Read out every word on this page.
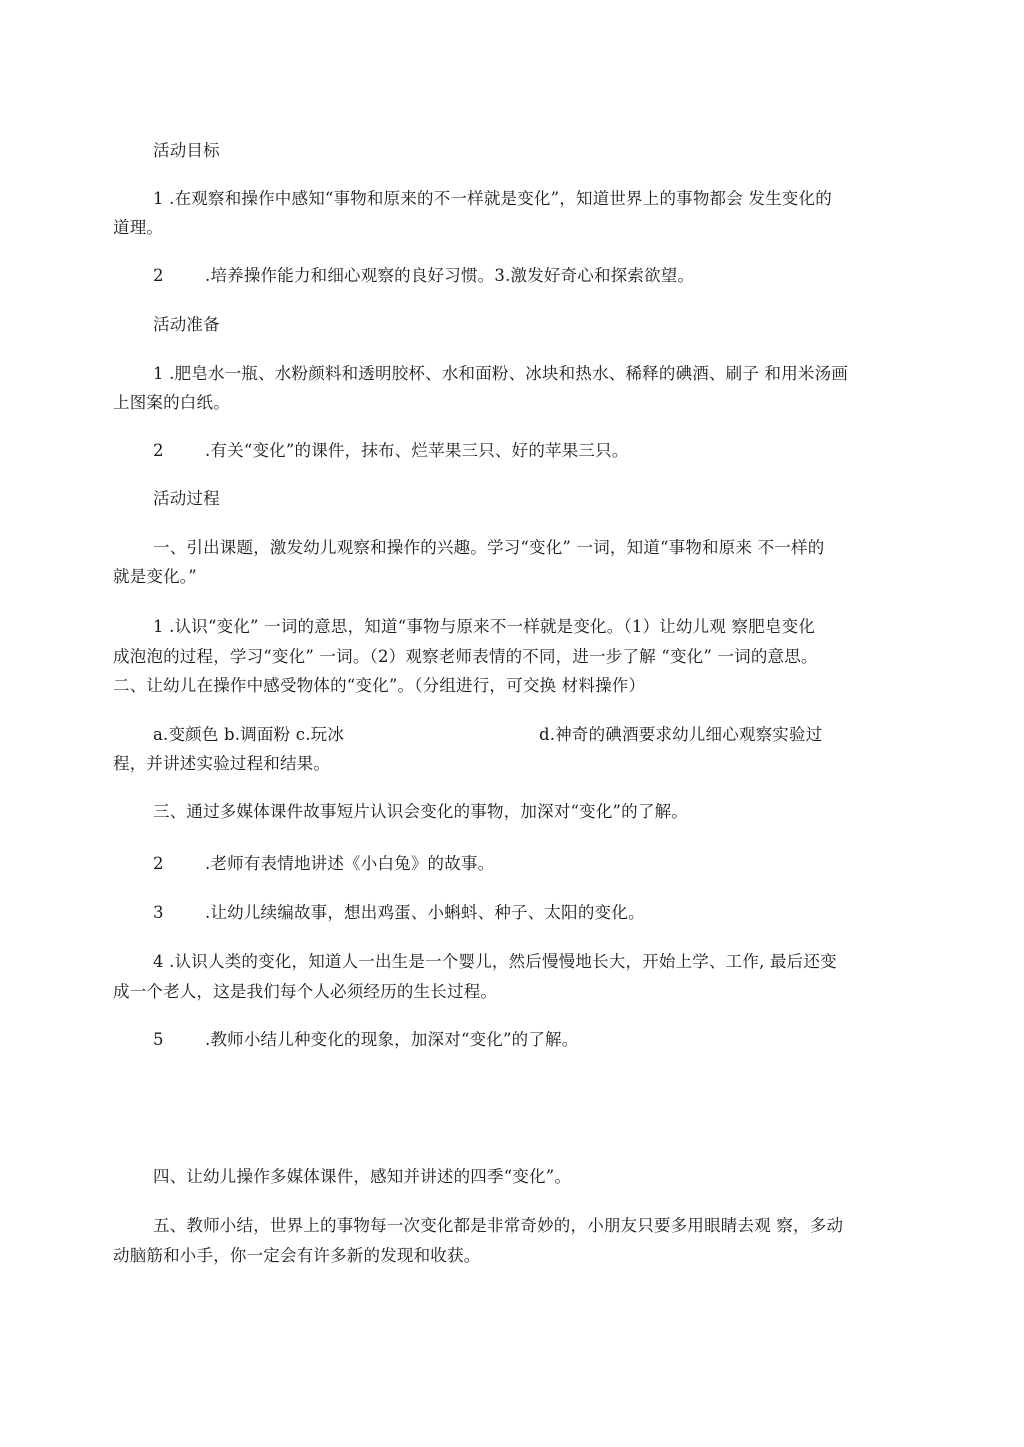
活动目标
1 .在观察和操作中感知“事物和原来的不一样就是变化”，知道世界上的事物都会 发生变化的
道理。
2	.培养操作能力和细心观察的良好习惯。3.激发好奇心和探索欲望。
活动准备
1 .肥皂水一瓶、水粉颜料和透明胶杯、水和面粉、冰块和热水、稀释的碘酒、刷子 和用米汤画
上图案的白纸。
2	.有关“变化”的课件，抹布、烂苹果三只、好的苹果三只。
活动过程
一、引出课题，激发幼儿观察和操作的兴趣。学习“变化” 一词，知道“事物和原来 不一样的
就是变化。”
1 .认识“变化” 一词的意思，知道“事物与原来不一样就是变化。（1）让幼儿观 察肥皂变化
成泡泡的过程，学习“变化” 一词。（2）观察老师表情的不同，进一步了解 “变化” 一词的意思。
二、让幼儿在操作中感受物体的“变化”。（分组进行，可交换 材料操作）
a.变颜色 b.调面粉 c.玩冰	d.神奇的碘酒要求幼儿细心观察实验过
程，并讲述实验过程和结果。
三、通过多媒体课件故事短片认识会变化的事物，加深对“变化”的了解。
2	.老师有表情地讲述《小白兔》的故事。
3	.让幼儿续编故事，想出鸡蛋、小蝌蚪、种子、太阳的变化。
4 .认识人类的变化，知道人一出生是一个婴儿，然后慢慢地长大，开始上学、工作, 最后还变
成一个老人，这是我们每个人必须经历的生长过程。
5	.教师小结儿种变化的现象，加深对“变化”的了解。
四、让幼儿操作多媒体课件，感知并讲述的四季“变化”。
五、教师小结，世界上的事物每一次变化都是非常奇妙的，小朋友只要多用眼睛去观 察，多动
动脑筋和小手，你一定会有许多新的发现和收获。
